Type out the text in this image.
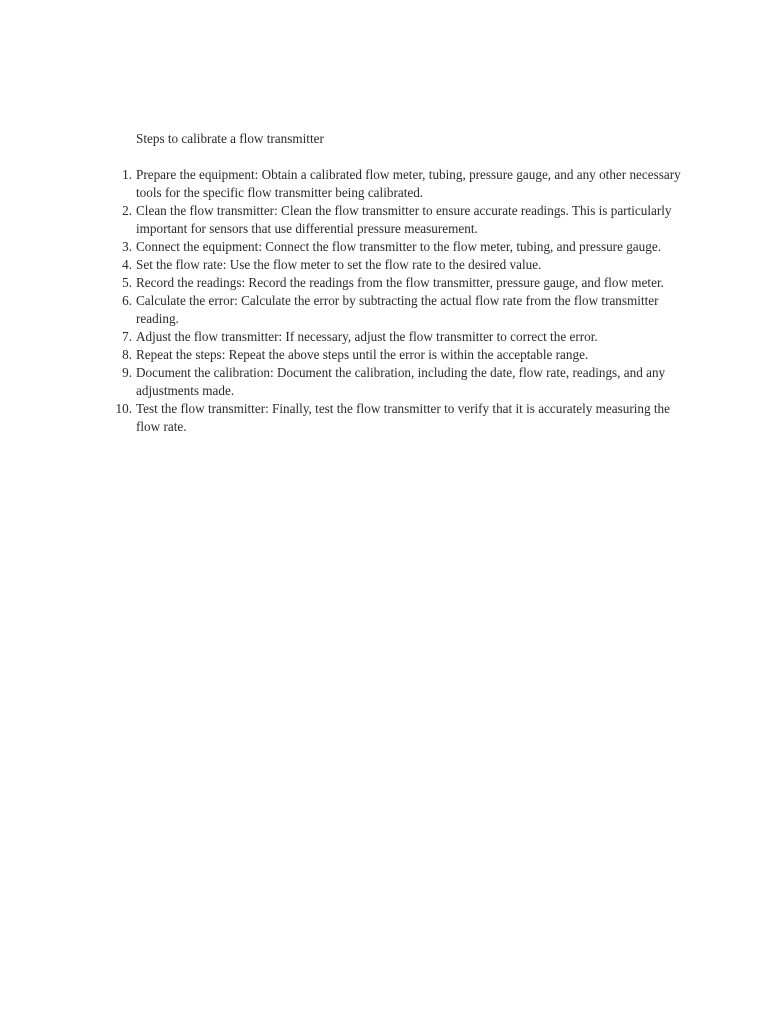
Steps to calibrate a flow transmitter
1. Prepare the equipment: Obtain a calibrated flow meter, tubing, pressure gauge, and any other necessary tools for the specific flow transmitter being calibrated.
2. Clean the flow transmitter: Clean the flow transmitter to ensure accurate readings. This is particularly important for sensors that use differential pressure measurement.
3. Connect the equipment: Connect the flow transmitter to the flow meter, tubing, and pressure gauge.
4. Set the flow rate: Use the flow meter to set the flow rate to the desired value.
5. Record the readings: Record the readings from the flow transmitter, pressure gauge, and flow meter.
6. Calculate the error: Calculate the error by subtracting the actual flow rate from the flow transmitter reading.
7. Adjust the flow transmitter: If necessary, adjust the flow transmitter to correct the error.
8. Repeat the steps: Repeat the above steps until the error is within the acceptable range.
9. Document the calibration: Document the calibration, including the date, flow rate, readings, and any adjustments made.
10. Test the flow transmitter: Finally, test the flow transmitter to verify that it is accurately measuring the flow rate.
